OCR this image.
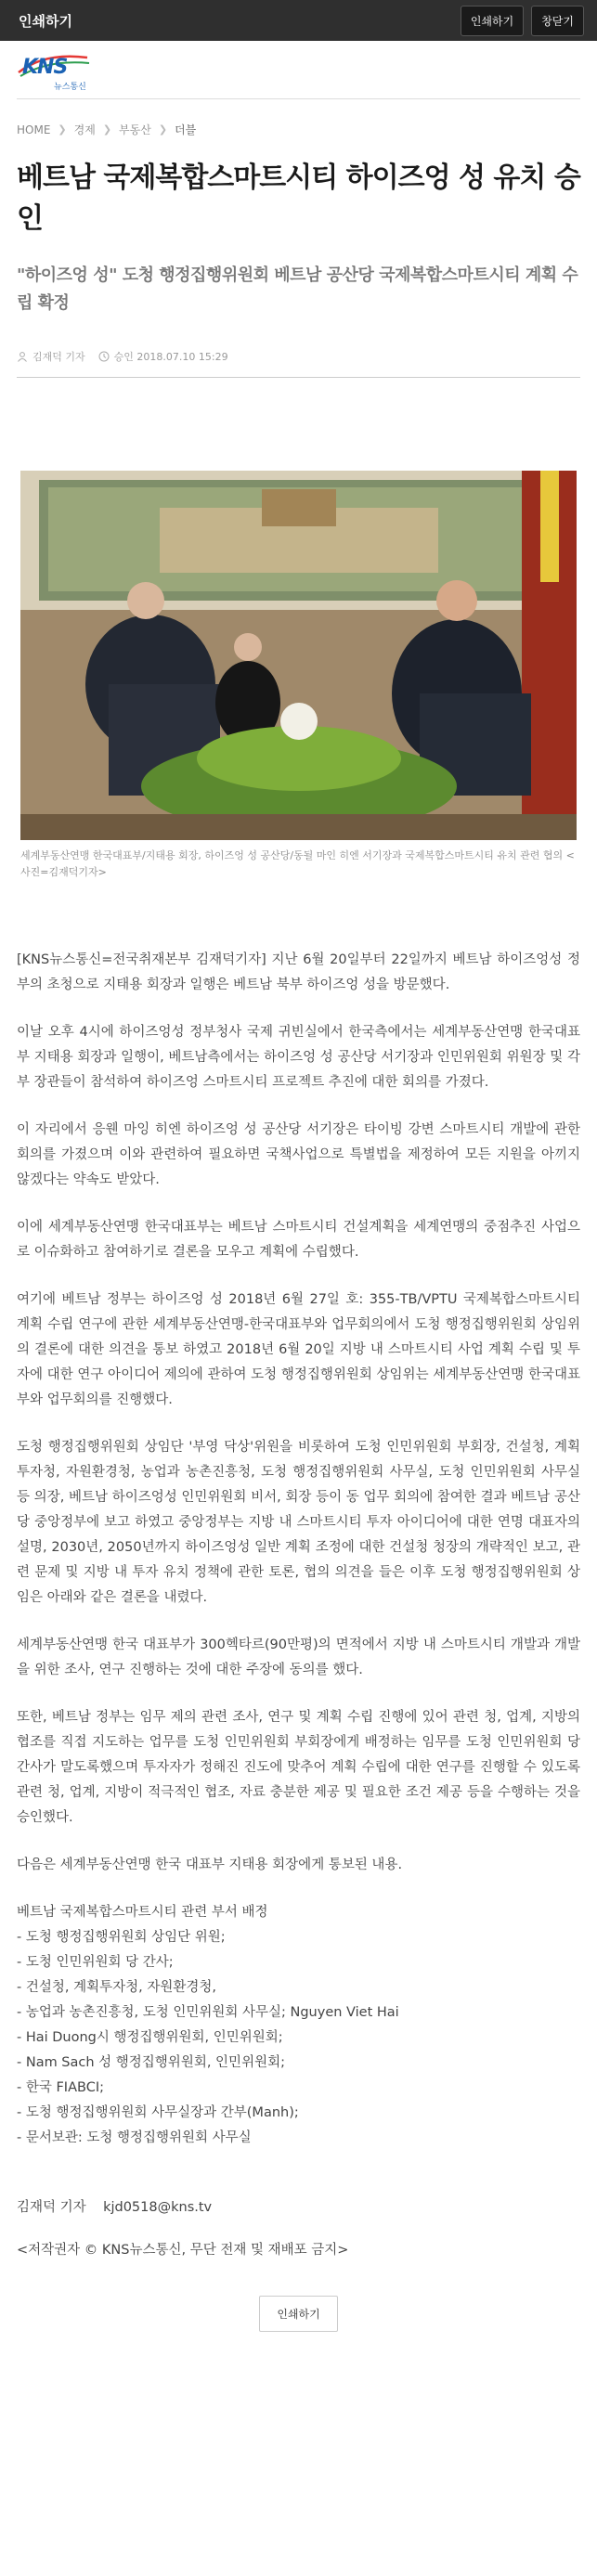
인쇄하기	인쇄하기	창닫기
KNS
뉴스통신
HOME ❯ 경제 ❯ 부동산 ❯ 더블
베트남 국제복합스마트시티 하이즈엉 성 유치 승인
"하이즈엉 성" 도청 행정집행위원회 베트남 공산당 국제복합스마트시티 계획 수립 확정
김재덕 기자	승인 2018.07.10 15:29

세계부동산연맹 한국대표부/지태용 회장, 하이즈엉 성 공산당/동될 마인 히엔 서기장과 국제복합스마트시티 유치 관련 협의 <사진=김재덕기자>

[KNS뉴스통신=전국취재본부 김재덕기자] 지난 6월 20일부터 22일까지 베트남 하이즈엉성 정부의 초청으로 지태용 회장과 일행은 베트남 북부 하이즈엉 성을 방문했다.

이날 오후 4시에 하이즈엉성 정부청사 국제 귀빈실에서 한국측에서는 세계부동산연맹 한국대표부 지태용 회장과 일행이, 베트남측에서는 하이즈엉 성 공산당 서기장과 인민위원회 위원장 및 각부 장관들이 참석하여 하이즈엉 스마트시티 프로젝트 추진에 대한 회의를 가졌다.

이 자리에서 응웬 마잉 히엔 하이즈엉 성 공산당 서기장은 타이빙 강변 스마트시티 개발에 관한 회의를 가졌으며 이와 관련하여 필요하면 국책사업으로 특별법을 제정하여 모든 지원을 아끼지 않겠다는 약속도 받았다.

이에 세계부동산연맹 한국대표부는 베트남 스마트시티 건설계획을 세계연맹의 중점추진 사업으로 이슈화하고 참여하기로 결론을 모우고 계획에 수립했다.

여기에 베트남 정부는 하이즈엉 성 2018년 6월 27일 호: 355-TB/VPTU 국제복합스마트시티 계획 수립 연구에 관한 세계부동산연맹-한국대표부와 업무회의에서 도청 행정집행위원회 상임위의 결론에 대한 의견을 통보 하였고 2018년 6월 20일 지방 내 스마트시티 사업 계획 수립 및 투자에 대한 연구 아이디어 제의에 관하여 도청 행정집행위원회 상임위는 세계부동산연맹 한국대표부와 업무회의를 진행했다.

도청 행정집행위원회 상임단 '부영 닥상'위원을 비롯하여 도청 인민위원회 부회장, 건설청, 계획투자청, 자원환경청, 농업과 농촌진흥청, 도청 행정집행위원회 사무실, 도청 인민위원회 사무실 등 의장, 베트남 하이즈엉성 인민위원회 비서, 회장 등이 동 업무 회의에 참여한 결과 베트남 공산당 중앙정부에 보고 하였고 중앙정부는 지방 내 스마트시티 투자 아이디어에 대한 연명 대표자의 설명, 2030년, 2050년까지 하이즈엉성 일반 계획 조정에 대한 건설청 청장의 개략적인 보고, 관련 문제 및 지방 내 투자 유치 정책에 관한 토론, 협의 의견을 들은 이후 도청 행정집행위원회 상임은 아래와 같은 결론을 내렸다.

세계부동산연맹 한국 대표부가 300헥타르(90만평)의 면적에서 지방 내 스마트시티 개발과 개발을 위한 조사, 연구 진행하는 것에 대한 주장에 동의를 했다.

또한, 베트남 정부는 임무 제의 관련 조사, 연구 및 계획 수립 진행에 있어 관련 청, 업계, 지방의 협조를 직접 지도하는 업무를 도청 인민위원회 부회장에게 배정하는 임무를 도청 인민위원회 당 간사가 말도록했으며 투자자가 정해진 진도에 맞추어 계획 수립에 대한 연구를 진행할 수 있도록 관련 청, 업계, 지방이 적극적인 협조, 자료 충분한 제공 및 필요한 조건 제공 등을 수행하는 것을 승인했다.

다음은 세계부동산연맹 한국 대표부 지태용 회장에게 통보된 내용.

베트남 국제복합스마트시티 관련 부서 배정

- 도청 행정집행위원회 상임단 위원;
- 도청 인민위원회 당 간사;
- 건설청, 계획투자청, 자원환경청,
- 농업과 농촌진흥청, 도청 인민위원회 사무실; Nguyen Viet Hai
- Hai Duong시 행정집행위원회, 인민위원회;
- Nam Sach 성 행정집행위원회, 인민위원회;
- 한국 FIABCI;
- 도청 행정집행위원회 사무실장과 간부(Manh);
- 문서보관: 도청 행정집행위원회 사무실
김재덕 기자    kjd0518@kns.tv
<저작권자 © KNS뉴스통신, 무단 전재 및 재배포 금지>
인쇄하기
